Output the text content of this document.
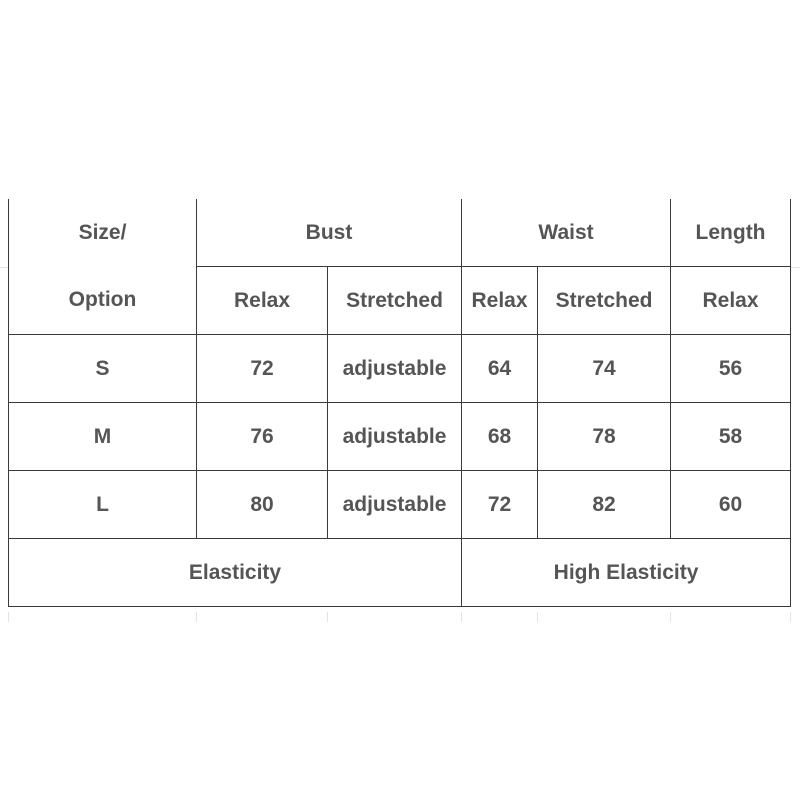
Size/	Bust		Waist		Length
Option	Relax	Stretched	Relax	Stretched	Relax
S	72	adjustable	64	74	56
M	76	adjustable	68	78	58
L	80	adjustable	72	82	60
Elasticity			High Elasticity		
